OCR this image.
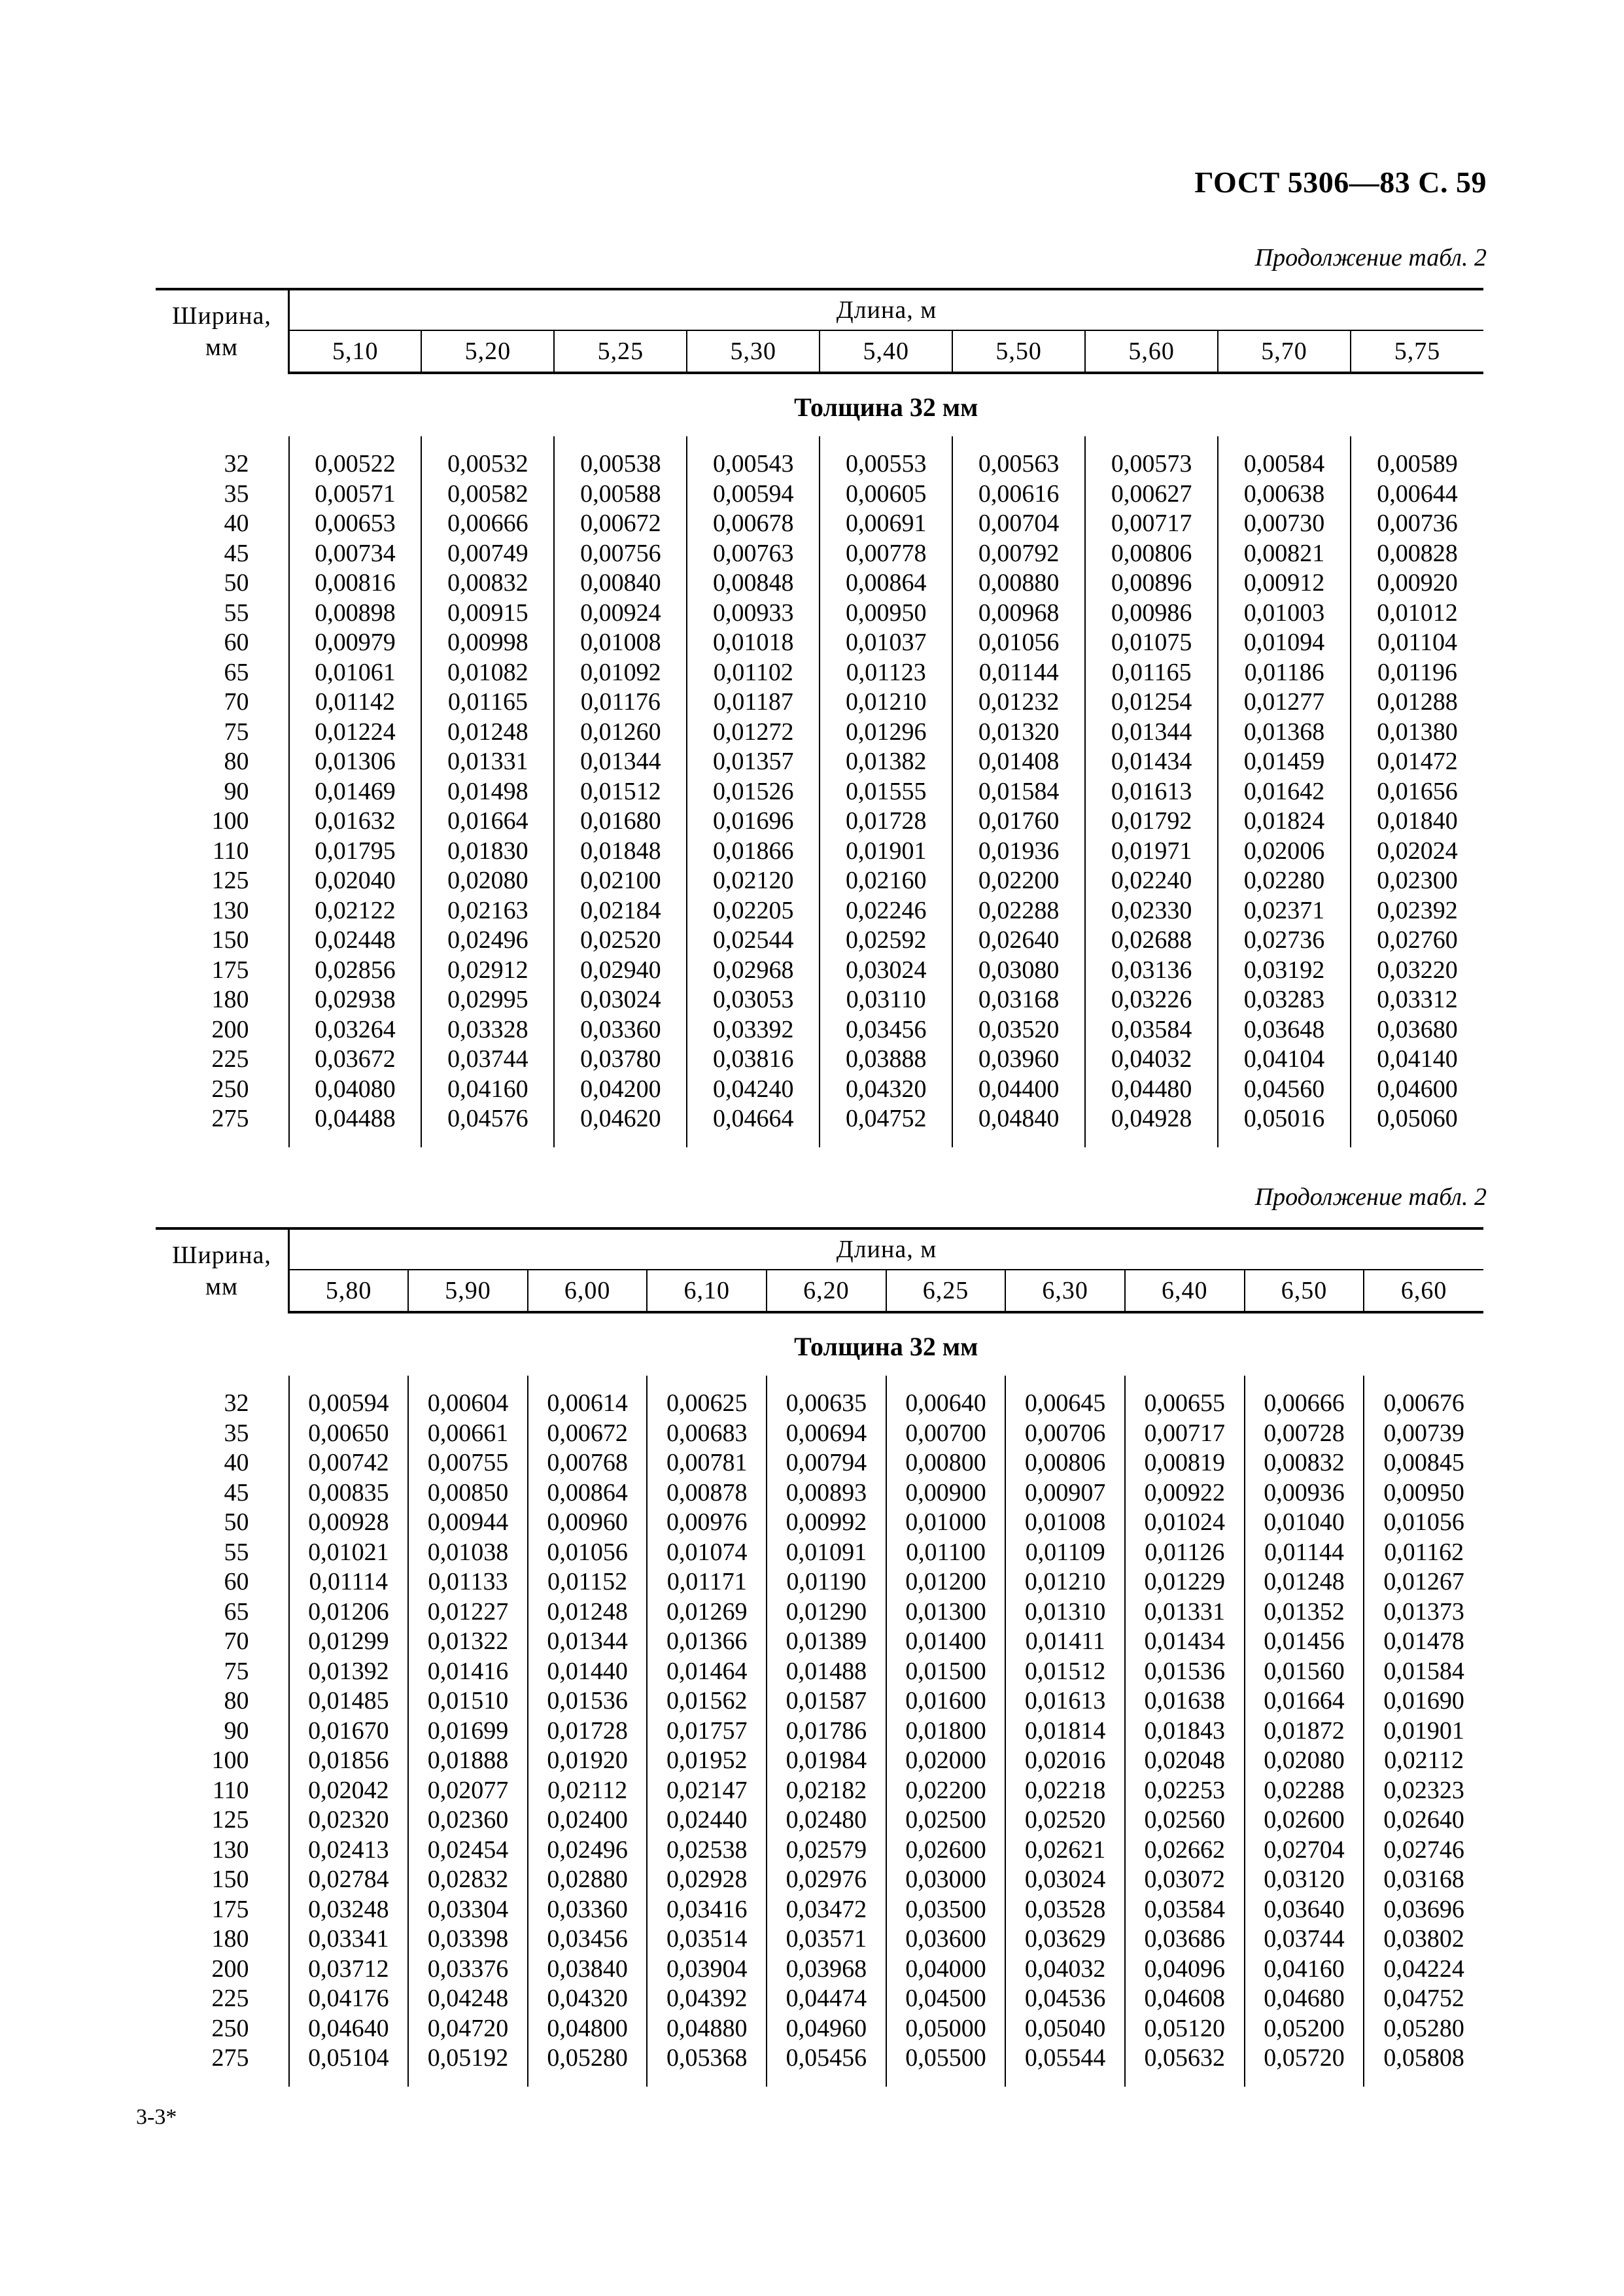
ГОСТ 5306—83 С. 59
Продолжение табл. 2
Ширина,
мм	Длина, м								
	5,10	5,20	5,25	5,30	5,40	5,50	5,60	5,70	5,75
	Толщина 32 мм								
32	0,00522	0,00532	0,00538	0,00543	0,00553	0,00563	0,00573	0,00584	0,00589
35	0,00571	0,00582	0,00588	0,00594	0,00605	0,00616	0,00627	0,00638	0,00644
40	0,00653	0,00666	0,00672	0,00678	0,00691	0,00704	0,00717	0,00730	0,00736
45	0,00734	0,00749	0,00756	0,00763	0,00778	0,00792	0,00806	0,00821	0,00828
50	0,00816	0,00832	0,00840	0,00848	0,00864	0,00880	0,00896	0,00912	0,00920
55	0,00898	0,00915	0,00924	0,00933	0,00950	0,00968	0,00986	0,01003	0,01012
60	0,00979	0,00998	0,01008	0,01018	0,01037	0,01056	0,01075	0,01094	0,01104
65	0,01061	0,01082	0,01092	0,01102	0,01123	0,01144	0,01165	0,01186	0,01196
70	0,01142	0,01165	0,01176	0,01187	0,01210	0,01232	0,01254	0,01277	0,01288
75	0,01224	0,01248	0,01260	0,01272	0,01296	0,01320	0,01344	0,01368	0,01380
80	0,01306	0,01331	0,01344	0,01357	0,01382	0,01408	0,01434	0,01459	0,01472
90	0,01469	0,01498	0,01512	0,01526	0,01555	0,01584	0,01613	0,01642	0,01656
100	0,01632	0,01664	0,01680	0,01696	0,01728	0,01760	0,01792	0,01824	0,01840
110	0,01795	0,01830	0,01848	0,01866	0,01901	0,01936	0,01971	0,02006	0,02024
125	0,02040	0,02080	0,02100	0,02120	0,02160	0,02200	0,02240	0,02280	0,02300
130	0,02122	0,02163	0,02184	0,02205	0,02246	0,02288	0,02330	0,02371	0,02392
150	0,02448	0,02496	0,02520	0,02544	0,02592	0,02640	0,02688	0,02736	0,02760
175	0,02856	0,02912	0,02940	0,02968	0,03024	0,03080	0,03136	0,03192	0,03220
180	0,02938	0,02995	0,03024	0,03053	0,03110	0,03168	0,03226	0,03283	0,03312
200	0,03264	0,03328	0,03360	0,03392	0,03456	0,03520	0,03584	0,03648	0,03680
225	0,03672	0,03744	0,03780	0,03816	0,03888	0,03960	0,04032	0,04104	0,04140
250	0,04080	0,04160	0,04200	0,04240	0,04320	0,04400	0,04480	0,04560	0,04600
275	0,04488	0,04576	0,04620	0,04664	0,04752	0,04840	0,04928	0,05016	0,05060
Продолжение табл. 2
Ширина,
мм	Длина, м									
	5,80	5,90	6,00	6,10	6,20	6,25	6,30	6,40	6,50	6,60
	Толщина 32 мм									
32	0,00594	0,00604	0,00614	0,00625	0,00635	0,00640	0,00645	0,00655	0,00666	0,00676
35	0,00650	0,00661	0,00672	0,00683	0,00694	0,00700	0,00706	0,00717	0,00728	0,00739
40	0,00742	0,00755	0,00768	0,00781	0,00794	0,00800	0,00806	0,00819	0,00832	0,00845
45	0,00835	0,00850	0,00864	0,00878	0,00893	0,00900	0,00907	0,00922	0,00936	0,00950
50	0,00928	0,00944	0,00960	0,00976	0,00992	0,01000	0,01008	0,01024	0,01040	0,01056
55	0,01021	0,01038	0,01056	0,01074	0,01091	0,01100	0,01109	0,01126	0,01144	0,01162
60	0,01114	0,01133	0,01152	0,01171	0,01190	0,01200	0,01210	0,01229	0,01248	0,01267
65	0,01206	0,01227	0,01248	0,01269	0,01290	0,01300	0,01310	0,01331	0,01352	0,01373
70	0,01299	0,01322	0,01344	0,01366	0,01389	0,01400	0,01411	0,01434	0,01456	0,01478
75	0,01392	0,01416	0,01440	0,01464	0,01488	0,01500	0,01512	0,01536	0,01560	0,01584
80	0,01485	0,01510	0,01536	0,01562	0,01587	0,01600	0,01613	0,01638	0,01664	0,01690
90	0,01670	0,01699	0,01728	0,01757	0,01786	0,01800	0,01814	0,01843	0,01872	0,01901
100	0,01856	0,01888	0,01920	0,01952	0,01984	0,02000	0,02016	0,02048	0,02080	0,02112
110	0,02042	0,02077	0,02112	0,02147	0,02182	0,02200	0,02218	0,02253	0,02288	0,02323
125	0,02320	0,02360	0,02400	0,02440	0,02480	0,02500	0,02520	0,02560	0,02600	0,02640
130	0,02413	0,02454	0,02496	0,02538	0,02579	0,02600	0,02621	0,02662	0,02704	0,02746
150	0,02784	0,02832	0,02880	0,02928	0,02976	0,03000	0,03024	0,03072	0,03120	0,03168
175	0,03248	0,03304	0,03360	0,03416	0,03472	0,03500	0,03528	0,03584	0,03640	0,03696
180	0,03341	0,03398	0,03456	0,03514	0,03571	0,03600	0,03629	0,03686	0,03744	0,03802
200	0,03712	0,03376	0,03840	0,03904	0,03968	0,04000	0,04032	0,04096	0,04160	0,04224
225	0,04176	0,04248	0,04320	0,04392	0,04474	0,04500	0,04536	0,04608	0,04680	0,04752
250	0,04640	0,04720	0,04800	0,04880	0,04960	0,05000	0,05040	0,05120	0,05200	0,05280
275	0,05104	0,05192	0,05280	0,05368	0,05456	0,05500	0,05544	0,05632	0,05720	0,05808
3-3*
